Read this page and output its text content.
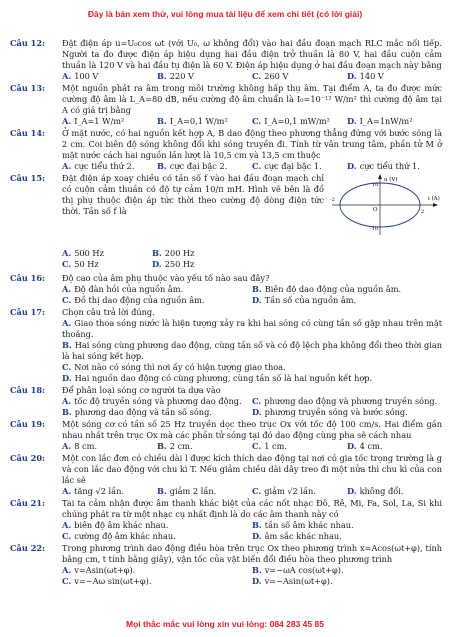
Đây là bản xem thử, vui lòng mua tài liệu để xem chi tiết (có lời giải)
Câu 12:	Đặt điện áp u=U₀cos ωt (với U₀, ω không đổi) vào hai đầu đoạn mạch RLC mắc nối tiếp. Người ta đo được điện áp hiệu dụng hai đầu điện trở thuần là 80 V, hai đầu cuộn cảm thuần là 120 V và hai đầu tụ điện là 60 V. Điện áp hiệu dụng ở hai đầu đoạn mạch này bằng
A. 100 V	B. 220 V	C. 260 V	D. 140 V
Câu 13:	Một nguồn phát ra âm trong môi trường không hấp thụ âm. Tại điểm A, ta đo được mức cường độ âm là L_A=80 dB, nếu cường độ âm chuẩn là I₀=10⁻¹² W/m² thì cường độ âm tại A có giá trị bằng
A. I_A=1 W/m²	B. I_A=0,1 W/m²	C. I_A=0,1 mW/m²	D. I_A=1nW/m²
Câu 14:	Ở mặt nước, có hai nguồn kết hợp A, B dao động theo phương thẳng đứng với bước sóng là 2 cm. Coi biên độ sóng không đổi khi sóng truyền đi. Tính từ vân trung tâm, phần tử M ở mặt nước cách hai nguồn lần lượt là 10,5 cm và 13,5 cm thuộc
A. cực tiểu thứ 2.	B. cực đại bậc 2.	C. cực đại bậc 1.	D. cực tiểu thứ 1.
Câu 15:	Đặt điện áp xoay chiều có tần số f vào hai đầu đoạn mạch chỉ có cuộn cảm thuần có độ tự cảm 10/π mH. Hình vẽ bên là đồ thị phụ thuộc điện áp tức thời theo cường độ dòng điện tức thời. Tần số f là
u (V)
i (A)
O
10
-10
2
-2
A. 500 Hz	B. 200 Hz
C. 50 Hz	D. 250 Hz
Câu 16:	Độ cao của âm phụ thuộc vào yếu tố nào sau đây?
A. Độ đàn hồi của nguồn âm.	B. Biên độ dao động của nguồn âm.
C. Đồ thị dao động của nguồn âm.	D. Tần số của nguồn âm.
Câu 17:	Chọn câu trả lời đúng.
A. Giao thoa sóng nước là hiện tượng xảy ra khi hai sóng có cùng tần số gặp nhau trên mặt thoáng.
B. Hai sóng cùng phương dao động, cùng tần số và có độ lệch pha không đổi theo thời gian là hai sóng kết hợp.
C. Nơi nào có sóng thì nơi ấy có hiện tượng giao thoa.
D. Hai nguồn dao động có cùng phương, cùng tần số là hai nguồn kết hợp.
Câu 18:	Để phân loại sóng cơ người ta dựa vào
A. tốc độ truyền sóng và phương dao động.	C. phương dao động và phương truyền sóng.
B. phương dao động và tần số sóng.	D. phương truyền sóng và bước sóng.
Câu 19:	Một sóng cơ có tần số 25 Hz truyền dọc theo trục Ox với tốc độ 100 cm/s. Hai điểm gần nhau nhất trên trục Ox mà các phần tử sóng tại đó dao động cùng pha sẽ cách nhau
A. 8 cm.	B. 2 cm.	C. 1 cm.	D. 4 cm.
Câu 20:	Một con lắc đơn có chiều dài l được kích thích dao động tại nơi có gia tốc trọng trường là g và con lắc dao động với chu kì T. Nếu giảm chiều dài dây treo đi một nửa thì chu kì của con lắc sẽ
A. tăng √2 lần.	B. giảm 2 lần.	C. giảm √2 lần.	D. không đổi.
Câu 21:	Tai ta cảm nhận được âm thanh khác biệt của các nốt nhạc Đô, Rê, Mi, Fa, Sol, La, Si khi chúng phát ra từ một nhạc cụ nhất định là do các âm thanh này có
A. biên độ âm khác nhau.	B. tần số âm khác nhau.
C. cường độ âm khác nhau.	D. âm sắc khác nhau.
Câu 22:	Trong phương trình dao động điều hòa trên trục Ox theo phương trình x=Acos(ωt+φ), tính bằng cm, t tính bằng giây), vận tốc của vật biến đổi điều hòa theo phương trình
A. v=Asin(ωt+φ).	B. v=−ωA cos(ωt+φ).
C. v=−Aω sin(ωt+φ).	D. v=−Asin(ωt+φ).
Mọi thắc mắc vui lòng xin vui lòng: 084 283 45 85
